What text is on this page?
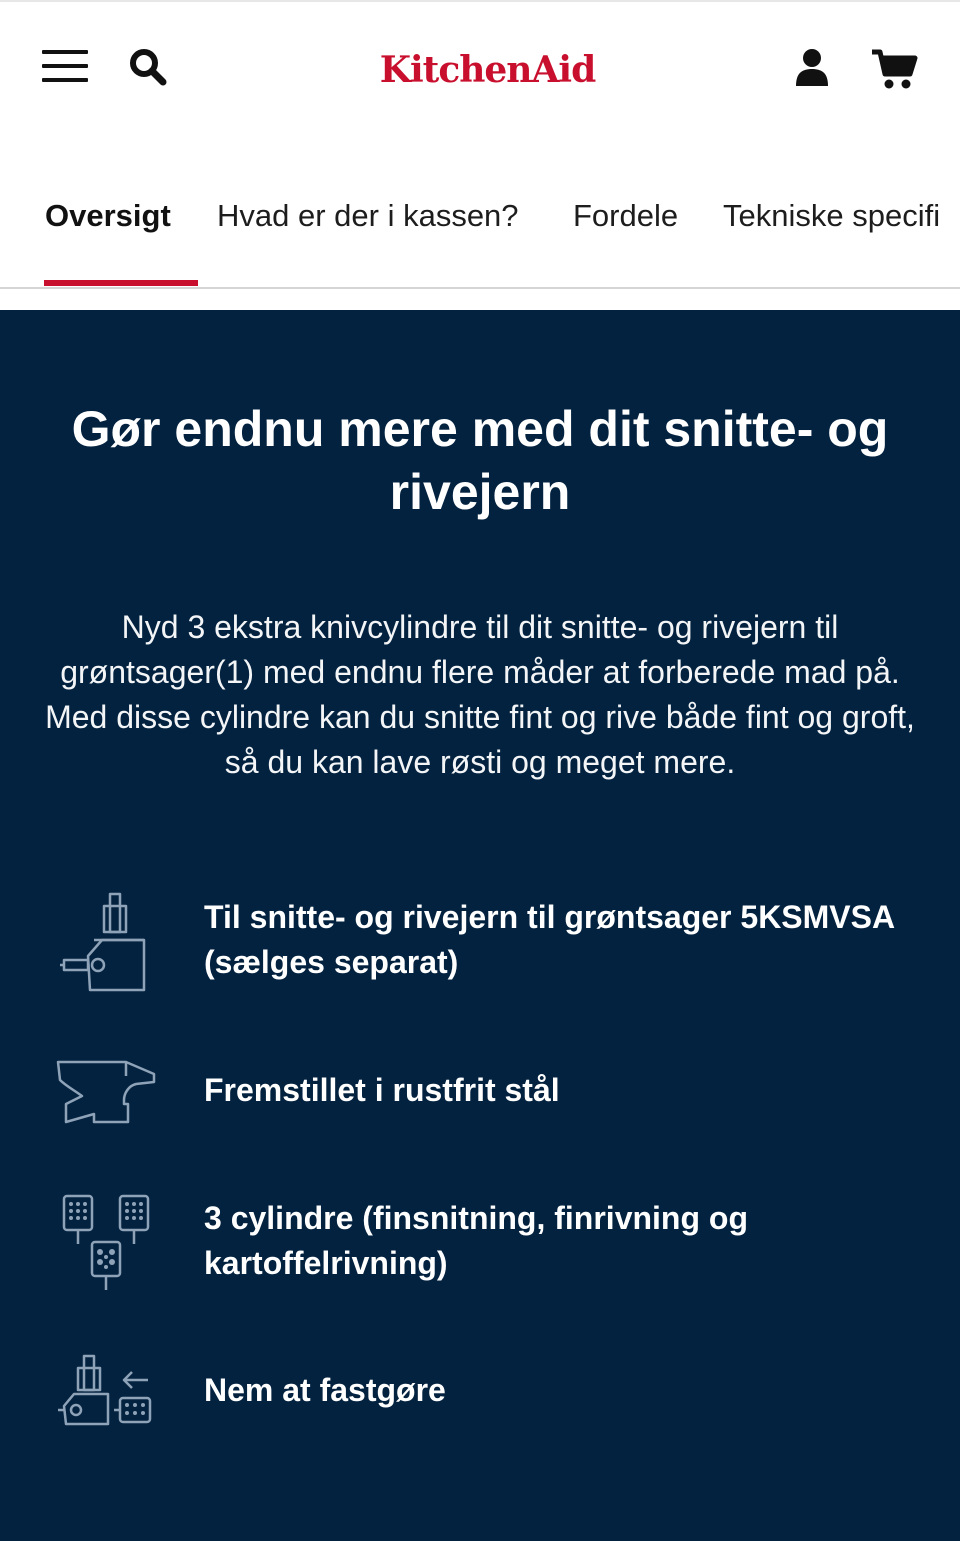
KitchenAid
Oversigt Hvad er der i kassen? Fordele Tekniske specifi
Gør endnu mere med dit snitte- og rivejern

Nyd 3 ekstra knivcylindre til dit snitte- og rivejern til grøntsager(1) med endnu flere måder at forberede mad på. Med disse cylindre kan du snitte fint og rive både fint og groft, så du kan lave røsti og meget mere.

Til snitte- og rivejern til grøntsager 5KSMVSA (sælges separat)
Fremstillet i rustfrit stål
3 cylindre (finsnitning, finrivning og kartoffelrivning)
Nem at fastgøre
